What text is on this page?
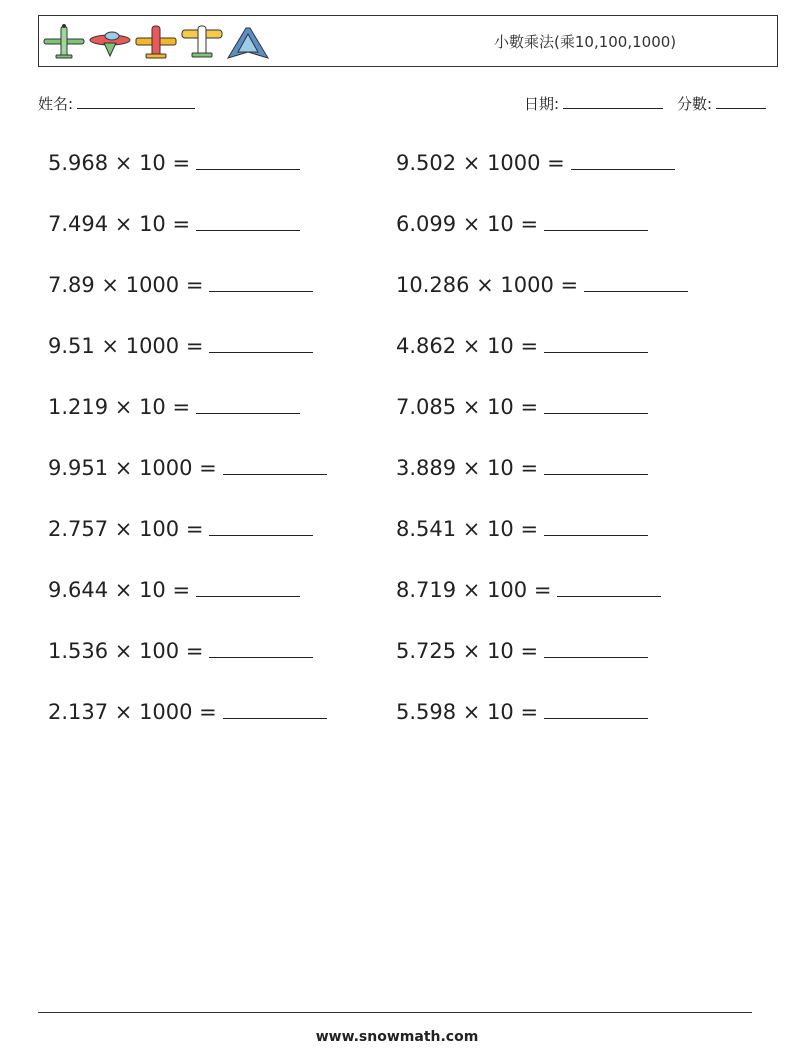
小數乘法(乘10,100,1000)
姓名:	日期:	分數:
5.968 × 10 =	9.502 × 1000 =
7.494 × 10 =	6.099 × 10 =
7.89 × 1000 =	10.286 × 1000 =
9.51 × 1000 =	4.862 × 10 =
1.219 × 10 =	7.085 × 10 =
9.951 × 1000 =	3.889 × 10 =
2.757 × 100 =	8.541 × 10 =
9.644 × 10 =	8.719 × 100 =
1.536 × 100 =	5.725 × 10 =
2.137 × 1000 =	5.598 × 10 =
www.snowmath.com
